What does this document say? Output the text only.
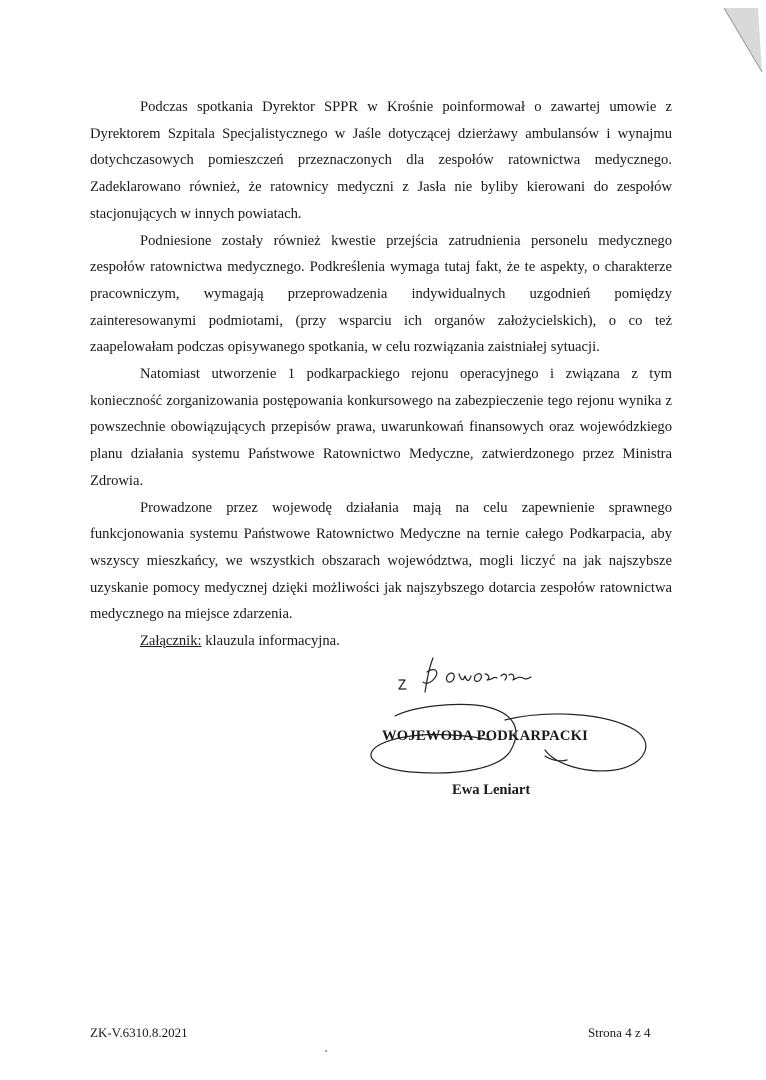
Podczas spotkania Dyrektor SPPR w Krośnie poinformował o zawartej umowie z Dyrektorem Szpitala Specjalistycznego w Jaśle dotyczącej dzierżawy ambulansów i wynajmu dotychczasowych pomieszczeń przeznaczonych dla zespołów ratownictwa medycznego. Zadeklarowano również, że ratownicy medyczni z Jasła nie byliby kierowani do zespołów stacjonujących w innych powiatach.

Podniesione zostały również kwestie przejścia zatrudnienia personelu medycznego zespołów ratownictwa medycznego. Podkreślenia wymaga tutaj fakt, że te aspekty, o charakterze pracowniczym, wymagają przeprowadzenia indywidualnych uzgodnień pomiędzy zainteresowanymi podmiotami, (przy wsparciu ich organów założycielskich), o co też zaapelowałam podczas opisywanego spotkania, w celu rozwiązania zaistniałej sytuacji.

Natomiast utworzenie 1 podkarpackiego rejonu operacyjnego i związana z tym konieczność zorganizowania postępowania konkursowego na zabezpieczenie tego rejonu wynika z powszechnie obowiązujących przepisów prawa, uwarunkowań finansowych oraz wojewódzkiego planu działania systemu Państwowe Ratownictwo Medyczne, zatwierdzonego przez Ministra Zdrowia.

Prowadzone przez wojewodę działania mają na celu zapewnienie sprawnego funkcjonowania systemu Państwowe Ratownictwo Medyczne na ternie całego Podkarpacia, aby wszyscy mieszkańcy, we wszystkich obszarach województwa, mogli liczyć na jak najszybsze uzyskanie pomocy medycznej dzięki możliwości jak najszybszego dotarcia zespołów ratownictwa medycznego na miejsce zdarzenia.

Załącznik: klauzula informacyjna.

z poważaniem
WOJEWODA PODKARPACKI
Ewa Leniart
ZK-V.6310.8.2021	Strona 4 z 4
